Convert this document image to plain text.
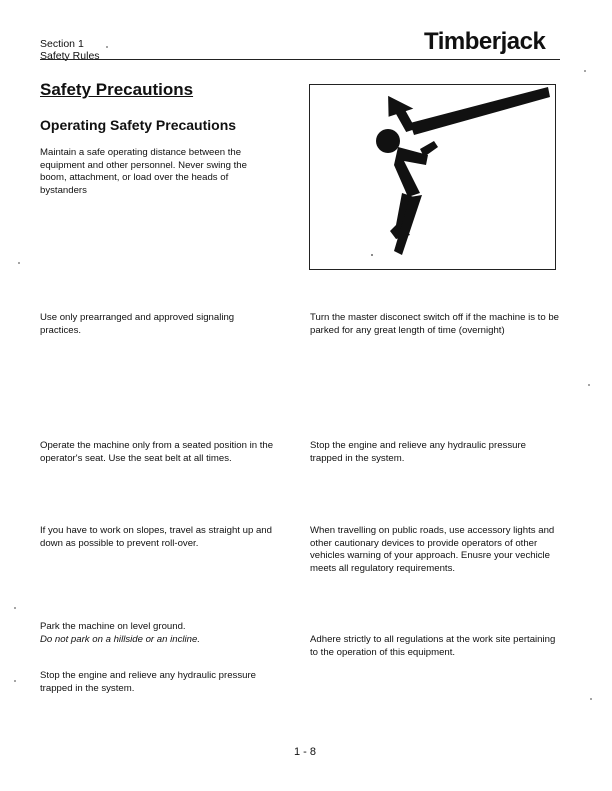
Section 1
Safety Rules
Timberjack
Safety Precautions
Operating Safety Precautions
Maintain a safe operating distance between the equipment and other personnel. Never swing the boom, attachment, or load over the heads of bystanders
Use only prearranged and approved signaling practices.
Operate the machine only from a seated position in the operator's seat. Use the seat belt at all times.
If you have to work on slopes, travel as straight up and down as possible to prevent roll-over.
Park the machine on level ground.
Do not park on a hillside or an incline.
Stop the engine and relieve any hydraulic pressure trapped in the system.
Turn the master disconect switch off if the machine is to be parked for any great length of time (overnight)
Stop the engine and relieve any hydraulic pressure trapped in the system.
When travelling on public roads, use accessory lights and other cautionary devices to provide operators of other vehicles warning of your approach. Enusre your vechicle meets all regulatory requirements.
Adhere strictly to all regulations at the work site pertaining to the operation of this equipment.
1 - 8
